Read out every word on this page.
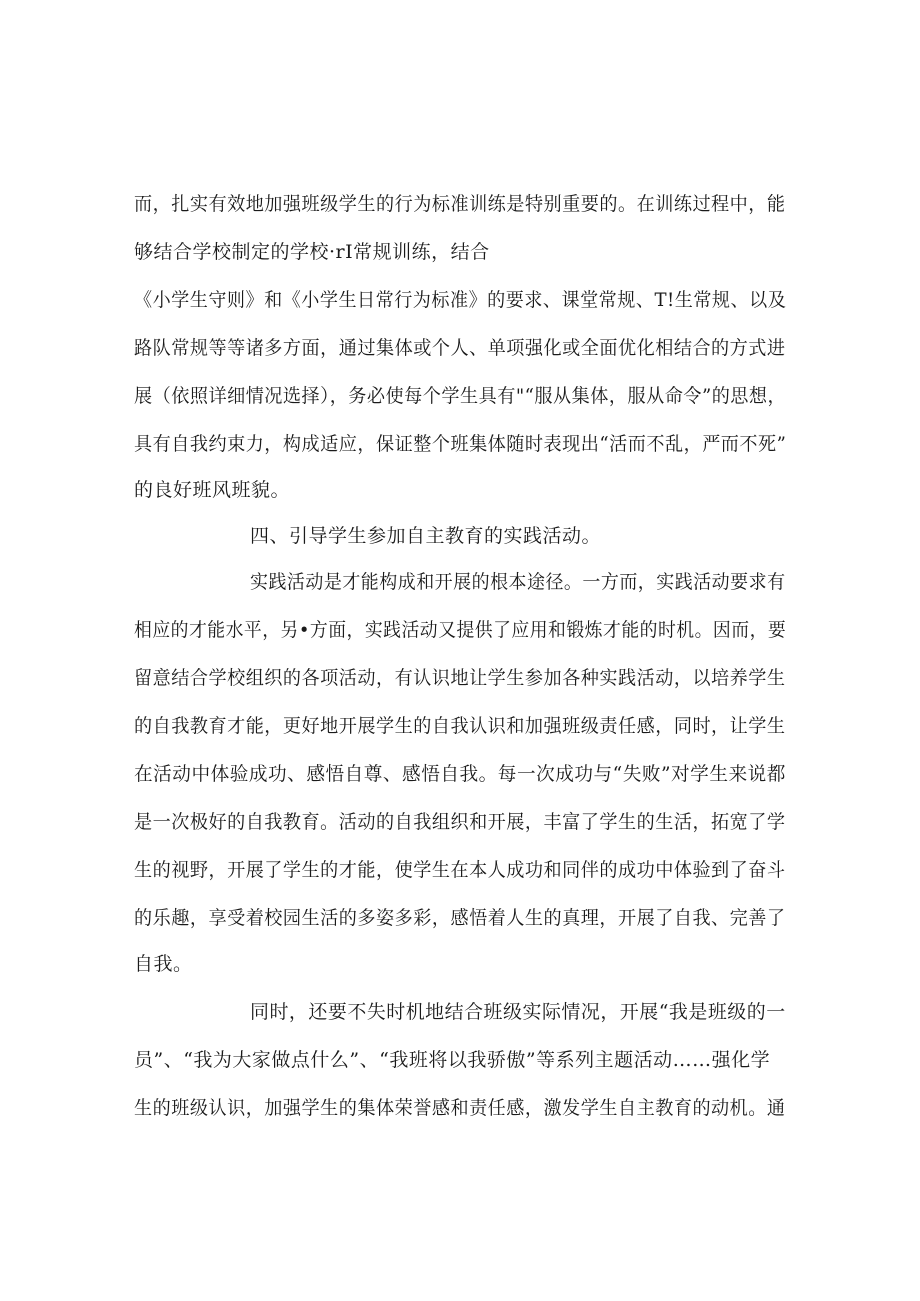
而，扎实有效地加强班级学生的行为标准训练是特别重要的。在训练过程中，能
够结合学校制定的学校·rI常规训练，结合
《小学生守则》和《小学生日常行为标准》的要求、课堂常规、T!生常规、以及
路队常规等等诸多方面，通过集体或个人、单项强化或全面优化相结合的方式进
展（依照详细情况选择），务必使每个学生具有"“服从集体，服从命令”的思想，
具有自我约束力，构成适应，保证整个班集体随时表现出“活而不乱，严而不死”
的良好班风班貌。
四、引导学生参加自主教育的实践活动。
实践活动是才能构成和开展的根本途径。一方而，实践活动要求有
相应的才能水平，另•方面，实践活动又提供了应用和锻炼才能的时机。因而，要
留意结合学校组织的各项活动，有认识地让学生参加各种实践活动，以培养学生
的自我教育才能，更好地开展学生的自我认识和加强班级责任感，同时，让学生
在活动中体验成功、感悟自尊、感悟自我。每一次成功与“失败”对学生来说都
是一次极好的自我教育。活动的自我组织和开展，丰富了学生的生活，拓宽了学
生的视野，开展了学生的才能，使学生在本人成功和同伴的成功中体验到了奋斗
的乐趣，享受着校园生活的多姿多彩，感悟着人生的真理，开展了自我、完善了
自我。
同时，还要不失时机地结合班级实际情况，开展“我是班级的一
员”、“我为大家做点什么”、“我班将以我骄傲”等系列主题活动……强化学
生的班级认识，加强学生的集体荣誉感和责任感，激发学生自主教育的动机。通
